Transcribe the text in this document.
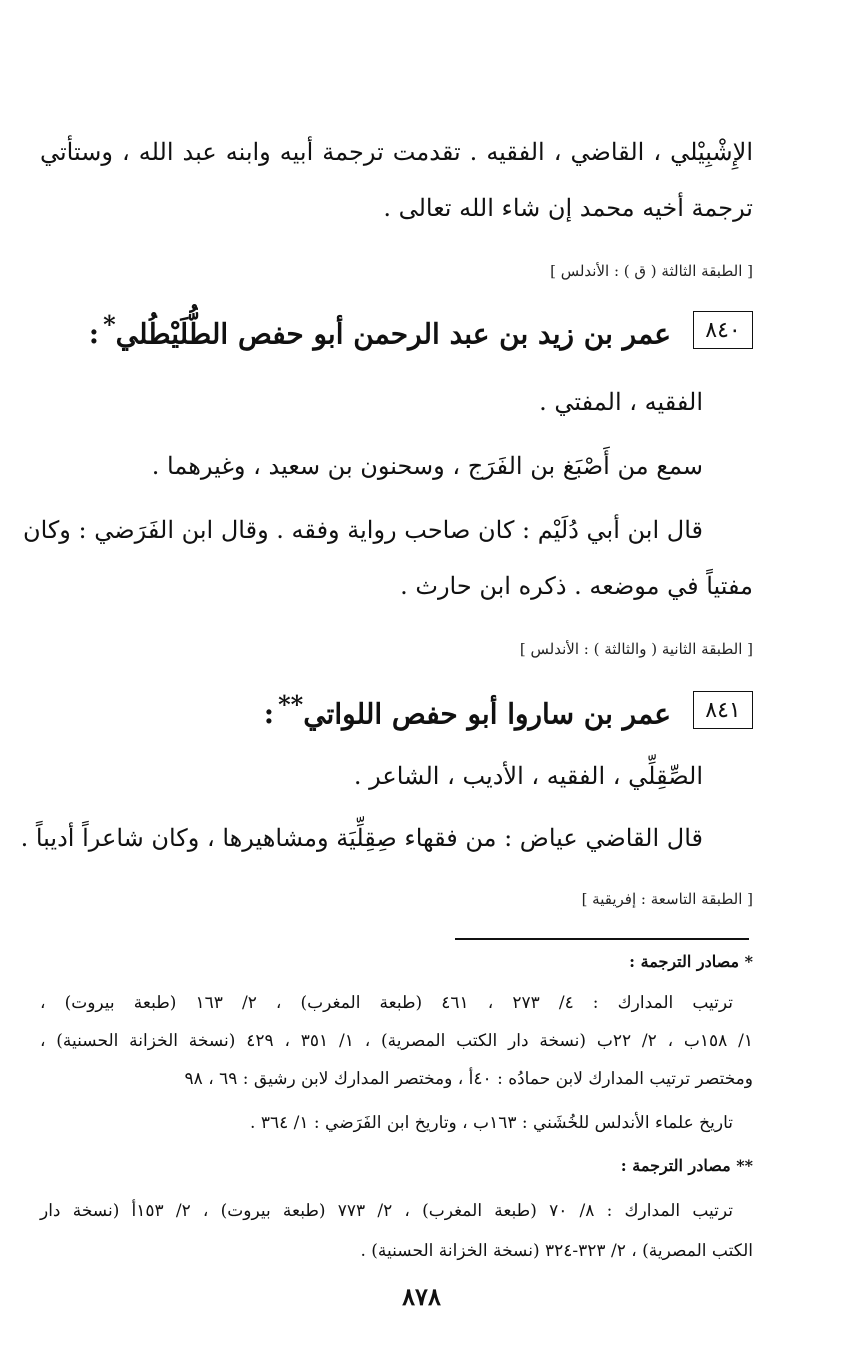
الإِشْبِيْلي ، القاضي ، الفقيه . تقدمت ترجمة أبيه وابنه عبد الله ، وستأتي
ترجمة أخيه محمد إن شاء الله تعالى .
[ الطبقة الثالثة ( ق ) : الأندلس ]
٨٤٠
عمر بن زيد بن عبد الرحمن أبو حفص الطُّلَيْطُلي*:
الفقيه ، المفتي .
سمع من أَصْبَغ بن الفَرَج ، وسحنون بن سعيد ، وغيرهما .
قال ابن أبي دُلَيْم : كان صاحب رواية وفقه . وقال ابن الفَرَضي : وكان
مفتياً في موضعه . ذكره ابن حارث .
[ الطبقة الثانية ( والثالثة ) : الأندلس ]
٨٤١
عمر بن ساروا أبو حفص اللواتي**:
الصِّقِلِّي ، الفقيه ، الأديب ، الشاعر .
قال القاضي عياض : من فقهاء صِقِلِّيَة ومشاهيرها ، وكان شاعراً أديباً .
[ الطبقة التاسعة : إفريقية ]
* مصادر الترجمة :
ترتيب المدارك : ٤/ ٢٧٣ ، ٤٦١ (طبعة المغرب) ، ٢/ ١٦٣ (طبعة بيروت) ،
١/ ١٥٨ب ، ٢/ ٢٢ب (نسخة دار الكتب المصرية) ، ١/ ٣٥١ ، ٤٢٩ (نسخة الخزانة الحسنية) ،
ومختصر ترتيب المدارك لابن حمادُه : ٤٠أ ، ومختصر المدارك لابن رشيق : ٦٩ ، ٩٨
تاريخ علماء الأندلس للخُشَني : ١٦٣ب ، وتاريخ ابن الفَرَضي : ١/ ٣٦٤ .
** مصادر الترجمة :
ترتيب المدارك : ٨/ ٧٠ (طبعة المغرب) ، ٢/ ٧٧٣ (طبعة بيروت) ، ٢/ ١٥٣أ (نسخة دار
الكتب المصرية) ، ٢/ ٣٢٣-٣٢٤ (نسخة الخزانة الحسنية) .
٨٧٨
